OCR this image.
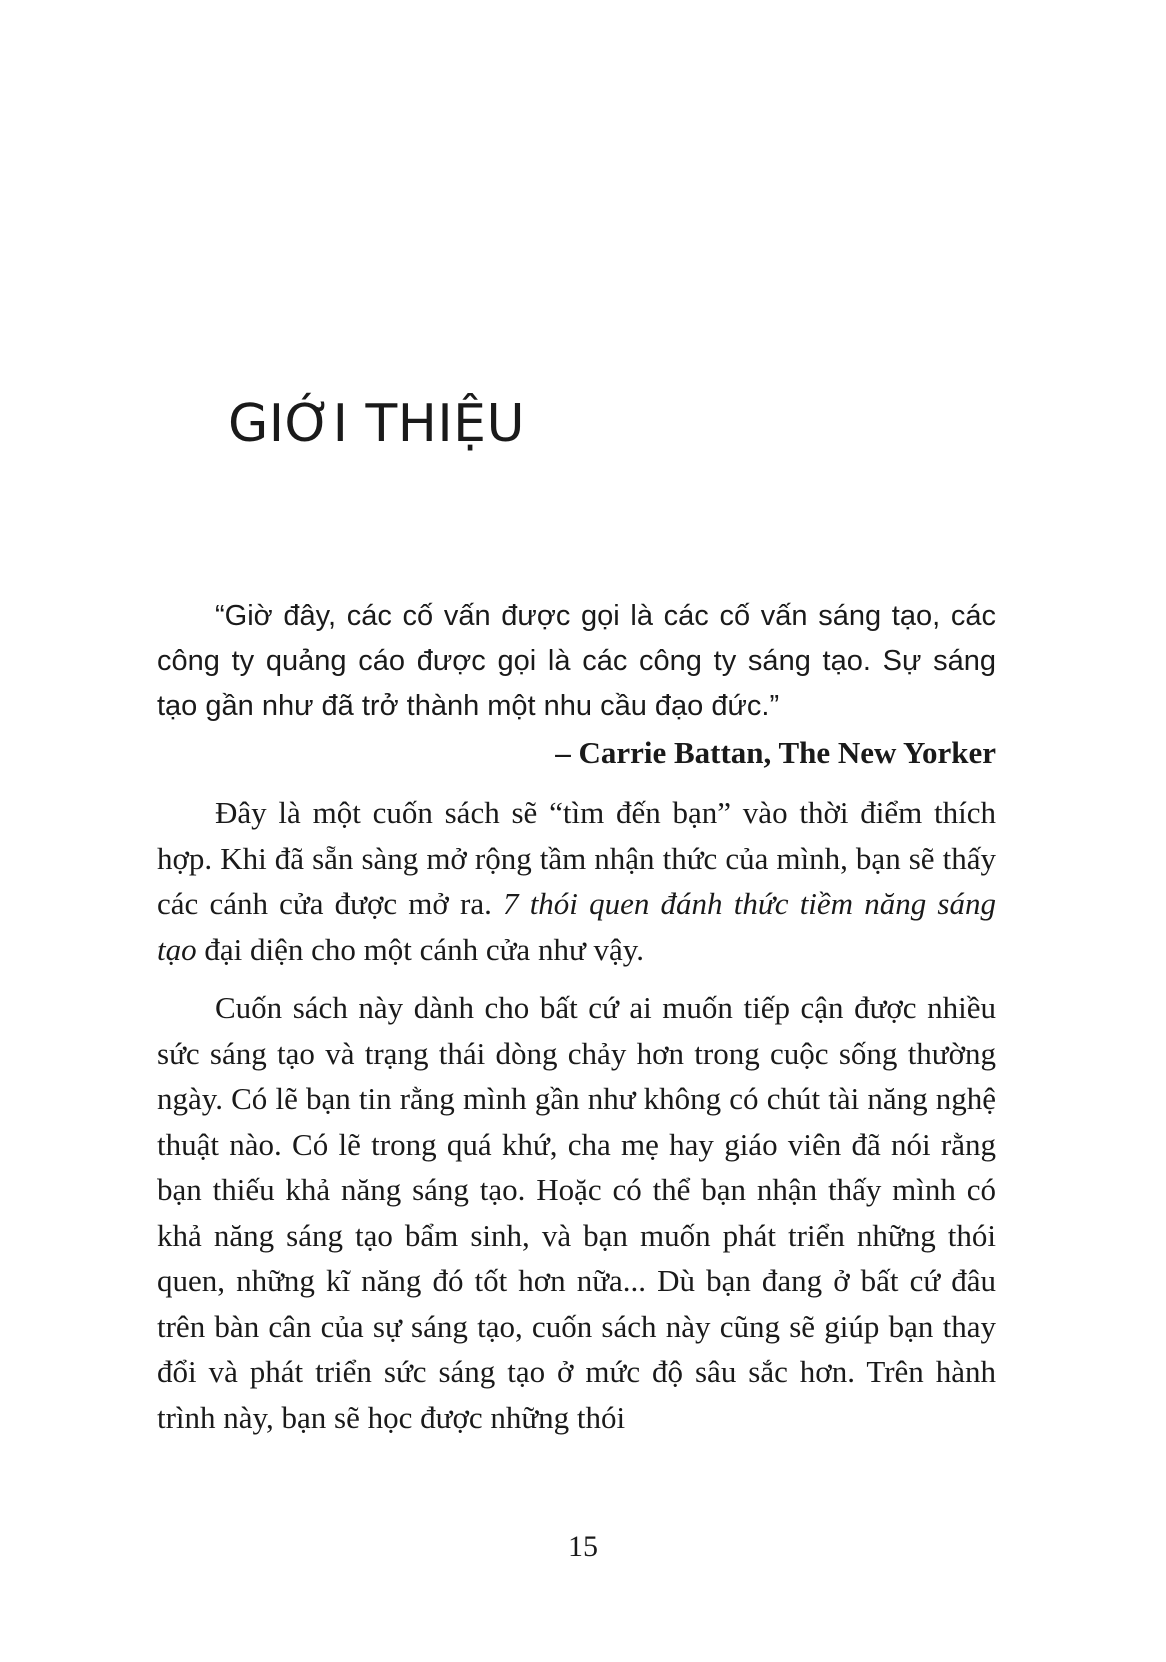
GIỚI THIỆU

“Giờ đây, các cố vấn được gọi là các cố vấn sáng tạo, các công ty quảng cáo được gọi là các công ty sáng tạo. Sự sáng tạo gần như đã trở thành một nhu cầu đạo đức.”

– Carrie Battan, The New Yorker

Đây là một cuốn sách sẽ “tìm đến bạn” vào thời điểm thích hợp. Khi đã sẵn sàng mở rộng tầm nhận thức của mình, bạn sẽ thấy các cánh cửa được mở ra. 7 thói quen đánh thức tiềm năng sáng tạo đại diện cho một cánh cửa như vậy.

Cuốn sách này dành cho bất cứ ai muốn tiếp cận được nhiều sức sáng tạo và trạng thái dòng chảy hơn trong cuộc sống thường ngày. Có lẽ bạn tin rằng mình gần như không có chút tài năng nghệ thuật nào. Có lẽ trong quá khứ, cha mẹ hay giáo viên đã nói rằng bạn thiếu khả năng sáng tạo. Hoặc có thể bạn nhận thấy mình có khả năng sáng tạo bẩm sinh, và bạn muốn phát triển những thói quen, những kĩ năng đó tốt hơn nữa... Dù bạn đang ở bất cứ đâu trên bàn cân của sự sáng tạo, cuốn sách này cũng sẽ giúp bạn thay đổi và phát triển sức sáng tạo ở mức độ sâu sắc hơn. Trên hành trình này, bạn sẽ học được những thói

15
